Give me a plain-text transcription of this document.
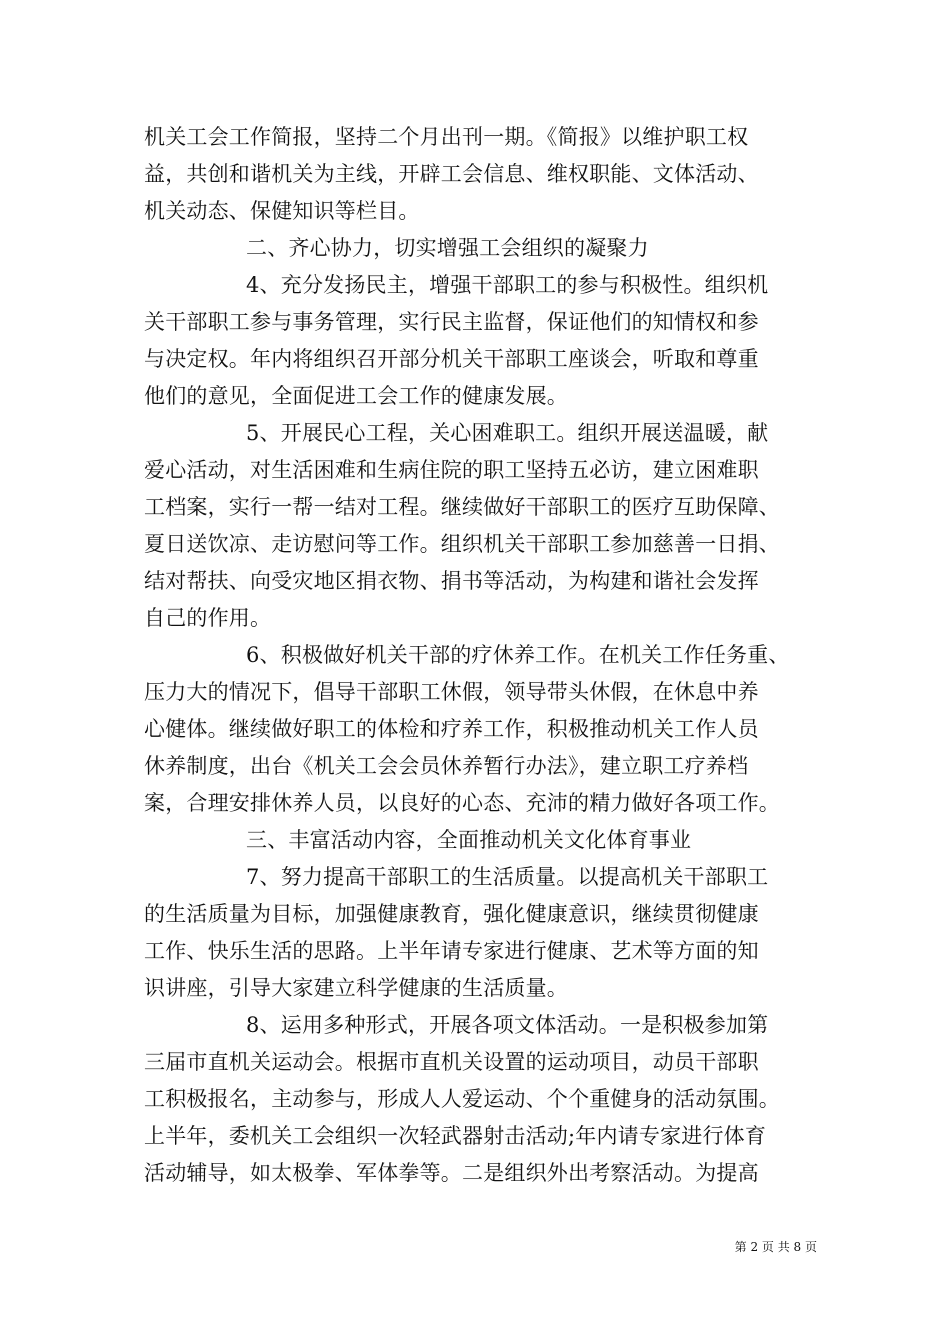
机关工会工作简报，坚持二个月出刊一期。《简报》以维护职工权
益，共创和谐机关为主线，开辟工会信息、维权职能、文体活动、
机关动态、保健知识等栏目。
二、齐心协力，切实增强工会组织的凝聚力
4、充分发扬民主，增强干部职工的参与积极性。组织机
关干部职工参与事务管理，实行民主监督，保证他们的知情权和参
与决定权。年内将组织召开部分机关干部职工座谈会，听取和尊重
他们的意见，全面促进工会工作的健康发展。
5、开展民心工程，关心困难职工。组织开展送温暖，献
爱心活动，对生活困难和生病住院的职工坚持五必访，建立困难职
工档案，实行一帮一结对工程。继续做好干部职工的医疗互助保障、
夏日送饮凉、走访慰问等工作。组织机关干部职工参加慈善一日捐、
结对帮扶、向受灾地区捐衣物、捐书等活动，为构建和谐社会发挥
自己的作用。
6、积极做好机关干部的疗休养工作。在机关工作任务重、
压力大的情况下，倡导干部职工休假，领导带头休假，在休息中养
心健体。继续做好职工的体检和疗养工作，积极推动机关工作人员
休养制度，出台《机关工会会员休养暂行办法》，建立职工疗养档
案，合理安排休养人员，以良好的心态、充沛的精力做好各项工作。
三、丰富活动内容，全面推动机关文化体育事业
7、努力提高干部职工的生活质量。以提高机关干部职工
的生活质量为目标，加强健康教育，强化健康意识，继续贯彻健康
工作、快乐生活的思路。上半年请专家进行健康、艺术等方面的知
识讲座，引导大家建立科学健康的生活质量。
8、运用多种形式，开展各项文体活动。一是积极参加第
三届市直机关运动会。根据市直机关设置的运动项目，动员干部职
工积极报名，主动参与，形成人人爱运动、个个重健身的活动氛围。
上半年，委机关工会组织一次轻武器射击活动;年内请专家进行体育
活动辅导，如太极拳、军体拳等。二是组织外出考察活动。为提高
第 2 页 共 8 页
